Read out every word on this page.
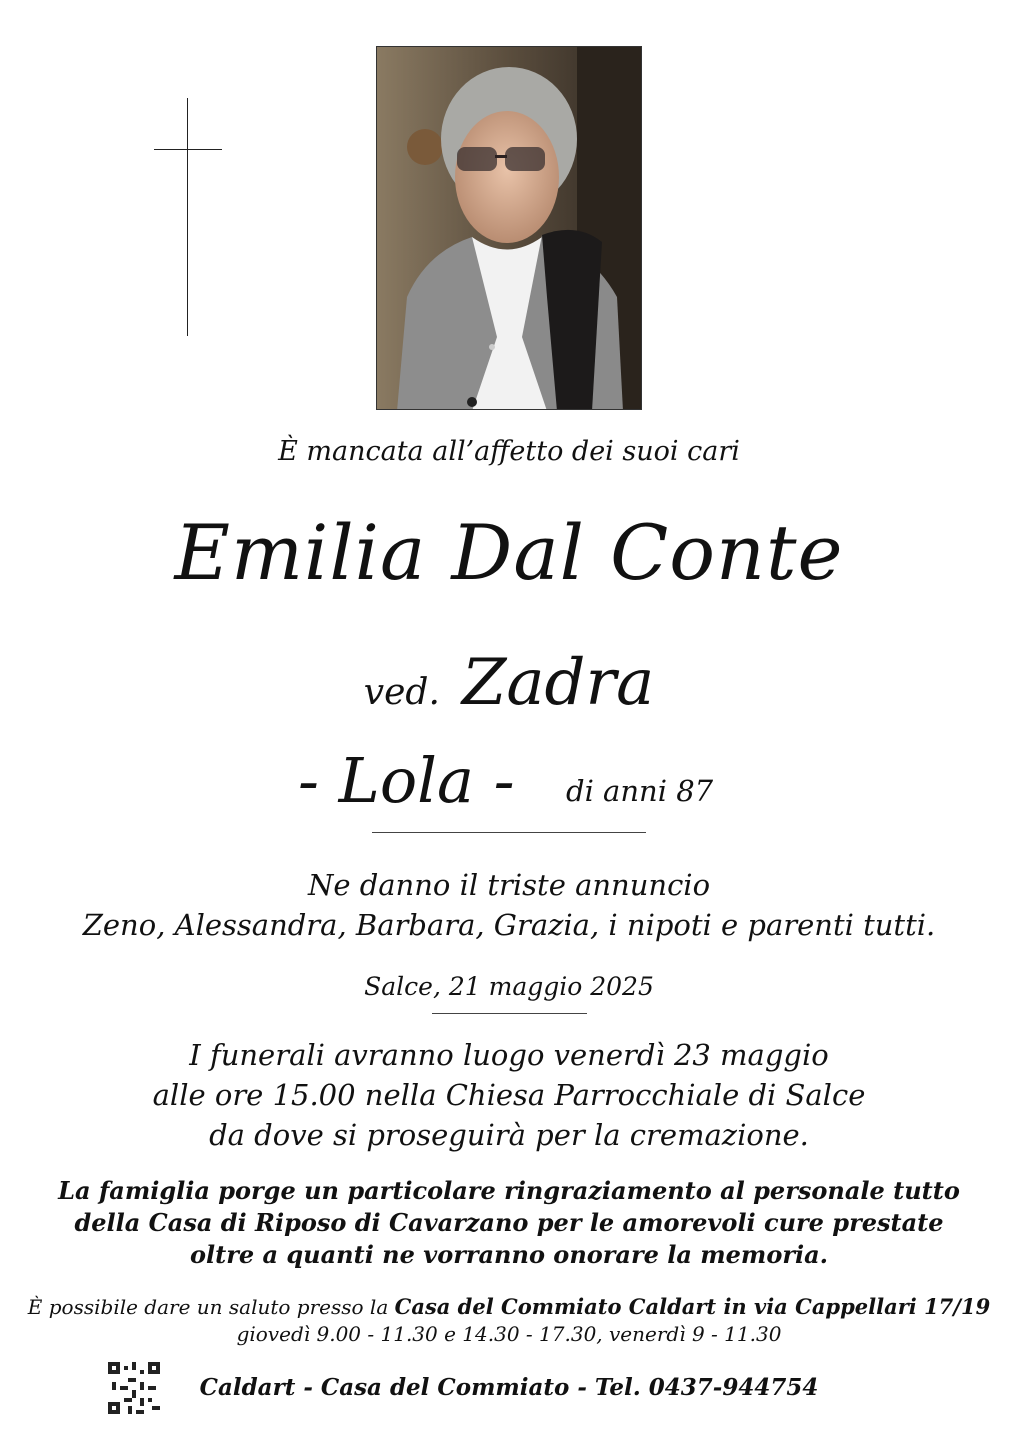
È mancata all’affetto dei suoi cari
Emilia Dal Conte
ved. Zadra
- Lola - di anni 87
Ne danno il triste annuncio
Zeno, Alessandra, Barbara, Grazia, i nipoti e parenti tutti.
Salce, 21 maggio 2025
I funerali avranno luogo venerdì 23 maggio
alle ore 15.00 nella Chiesa Parrocchiale di Salce
da dove si proseguirà per la cremazione.
La famiglia porge un particolare ringraziamento al personale tutto
della Casa di Riposo di Cavarzano per le amorevoli cure prestate
oltre a quanti ne vorranno onorare la memoria.
È possibile dare un saluto presso la Casa del Commiato Caldart in via Cappellari 17/19
giovedì 9.00 - 11.30 e 14.30 - 17.30, venerdì 9 - 11.30
Caldart - Casa del Commiato - Tel. 0437-944754
